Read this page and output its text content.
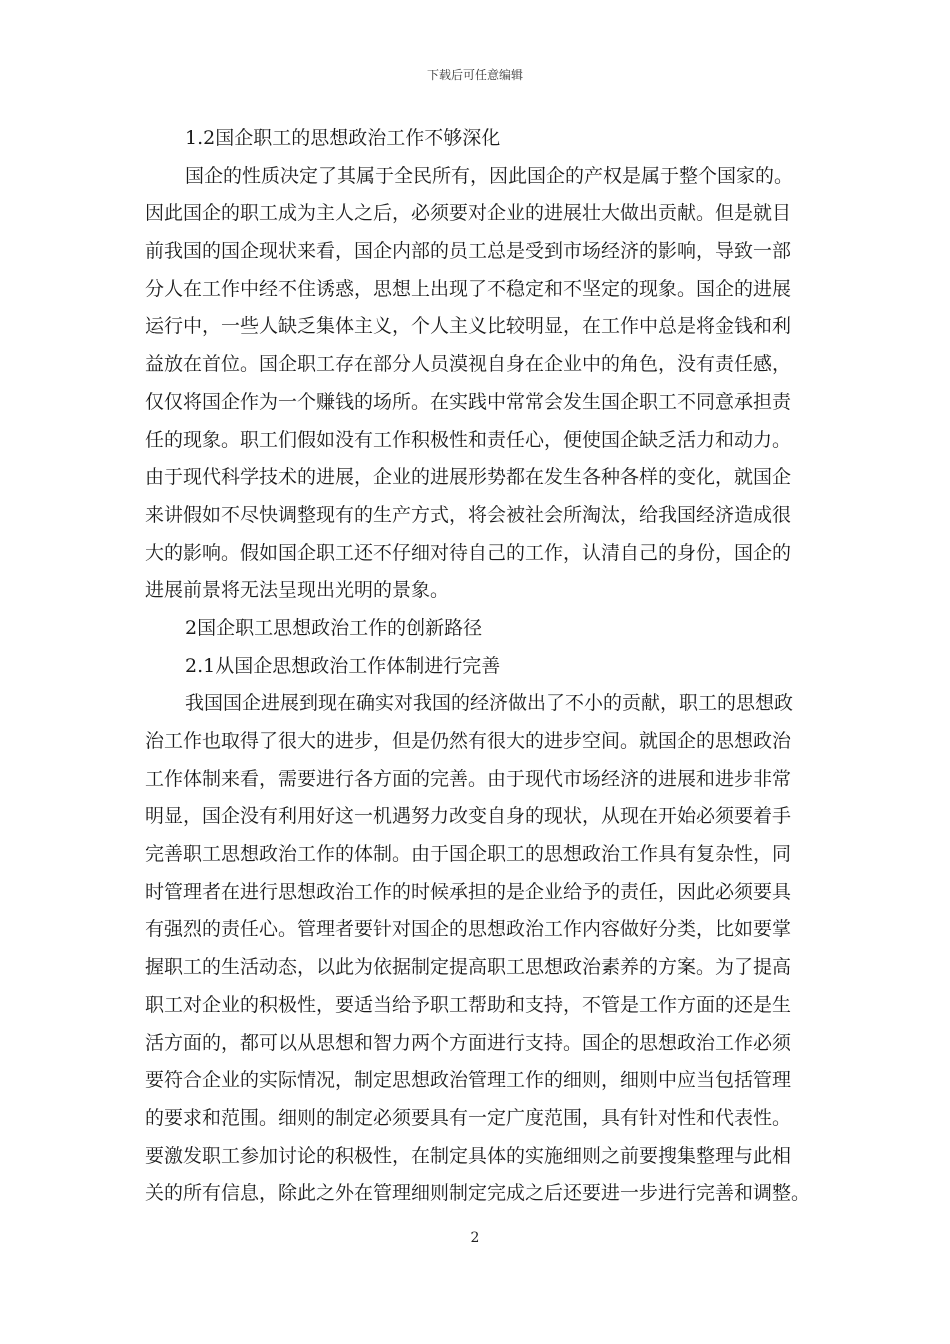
下载后可任意编辑
1.2国企职工的思想政治工作不够深化
国企的性质决定了其属于全民所有，因此国企的产权是属于整个国家的。
因此国企的职工成为主人之后，必须要对企业的进展壮大做出贡献。但是就目
前我国的国企现状来看，国企内部的员工总是受到市场经济的影响，导致一部
分人在工作中经不住诱惑，思想上出现了不稳定和不坚定的现象。国企的进展
运行中，一些人缺乏集体主义，个人主义比较明显，在工作中总是将金钱和利
益放在首位。国企职工存在部分人员漠视自身在企业中的角色，没有责任感，
仅仅将国企作为一个赚钱的场所。在实践中常常会发生国企职工不同意承担责
任的现象。职工们假如没有工作积极性和责任心，便使国企缺乏活力和动力。
由于现代科学技术的进展，企业的进展形势都在发生各种各样的变化，就国企
来讲假如不尽快调整现有的生产方式，将会被社会所淘汰，给我国经济造成很
大的影响。假如国企职工还不仔细对待自己的工作，认清自己的身份，国企的
进展前景将无法呈现出光明的景象。
2国企职工思想政治工作的创新路径
2.1从国企思想政治工作体制进行完善
我国国企进展到现在确实对我国的经济做出了不小的贡献，职工的思想政
治工作也取得了很大的进步，但是仍然有很大的进步空间。就国企的思想政治
工作体制来看，需要进行各方面的完善。由于现代市场经济的进展和进步非常
明显，国企没有利用好这一机遇努力改变自身的现状，从现在开始必须要着手
完善职工思想政治工作的体制。由于国企职工的思想政治工作具有复杂性，同
时管理者在进行思想政治工作的时候承担的是企业给予的责任，因此必须要具
有强烈的责任心。管理者要针对国企的思想政治工作内容做好分类，比如要掌
握职工的生活动态，以此为依据制定提高职工思想政治素养的方案。为了提高
职工对企业的积极性，要适当给予职工帮助和支持，不管是工作方面的还是生
活方面的，都可以从思想和智力两个方面进行支持。国企的思想政治工作必须
要符合企业的实际情况，制定思想政治管理工作的细则，细则中应当包括管理
的要求和范围。细则的制定必须要具有一定广度范围，具有针对性和代表性。
要激发职工参加讨论的积极性，在制定具体的实施细则之前要搜集整理与此相
关的所有信息，除此之外在管理细则制定完成之后还要进一步进行完善和调整。
2
